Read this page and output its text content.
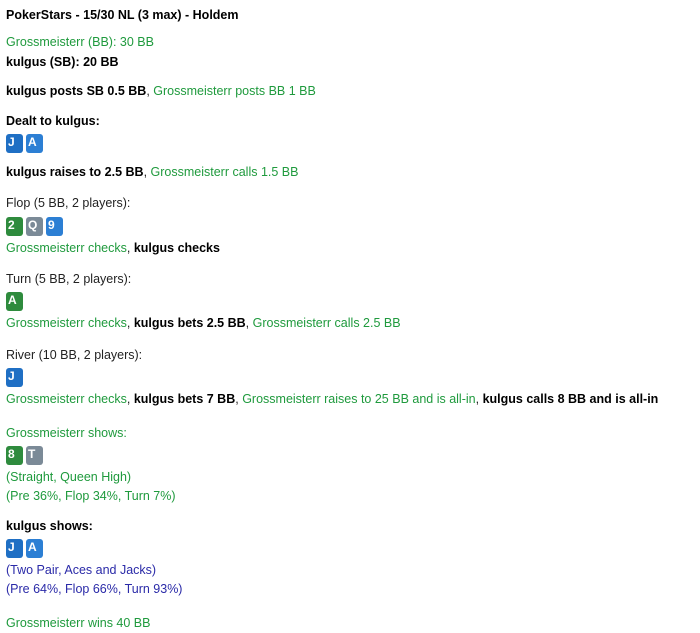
PokerStars - 15/30 NL (3 max) - Holdem
Grossmeisterr (BB): 30 BB
kulgus (SB): 20 BB
kulgus posts SB 0.5 BB, Grossmeisterr posts BB 1 BB
Dealt to kulgus:
J	A
kulgus raises to 2.5 BB, Grossmeisterr calls 1.5 BB
Flop (5 BB, 2 players):
2	Q 9
Grossmeisterr checks, kulgus checks
Turn (5 BB, 2 players):
A
Grossmeisterr checks, kulgus bets 2.5 BB, Grossmeisterr calls 2.5 BB
River (10 BB, 2 players):
J
Grossmeisterr checks, kulgus bets 7 BB, Grossmeisterr raises to 25 BB and is all-in, kulgus calls 8 BB and is all-in
Grossmeisterr shows:
8	T
(Straight, Queen High)
(Pre 36%, Flop 34%, Turn 7%)
kulgus shows:
J	A
(Two Pair, Aces and Jacks)
(Pre 64%, Flop 66%, Turn 93%)
Grossmeisterr wins 40 BB
